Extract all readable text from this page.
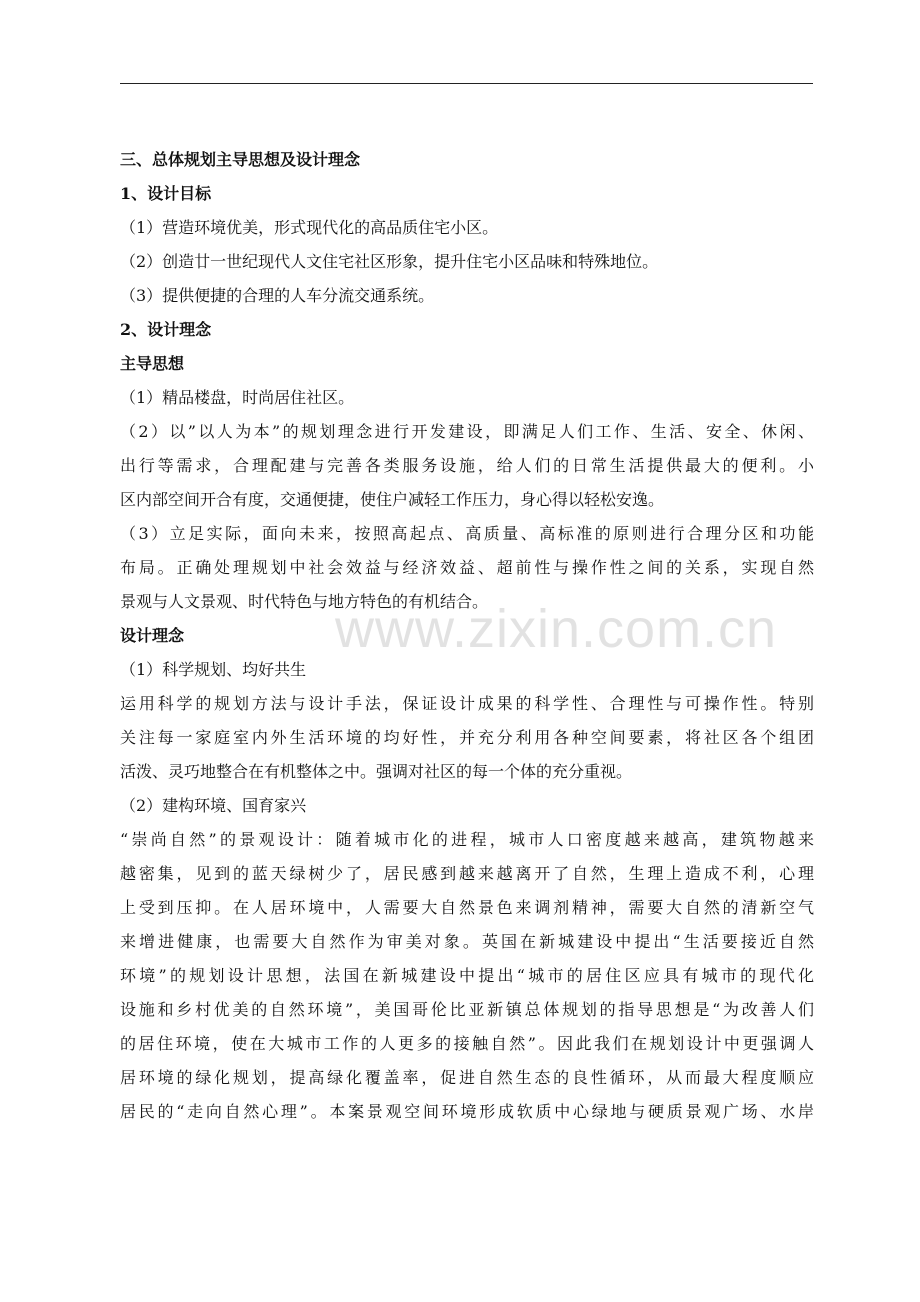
www.zixin.com.cn
三、总体规划主导思想及设计理念
1、设计目标
（1）营造环境优美，形式现代化的高品质住宅小区。
（2）创造廿一世纪现代人文住宅社区形象，提升住宅小区品味和特殊地位。
（3）提供便捷的合理的人车分流交通系统。
2、设计理念
主导思想
（1）精品楼盘，时尚居住社区。
（2）以”以人为本”的规划理念进行开发建设，即满足人们工作、生活、安全、休闲、
出行等需求，合理配建与完善各类服务设施，给人们的日常生活提供最大的便利。小
区内部空间开合有度，交通便捷，使住户减轻工作压力，身心得以轻松安逸。
（3）立足实际，面向未来，按照高起点、高质量、高标准的原则进行合理分区和功能
布局。正确处理规划中社会效益与经济效益、超前性与操作性之间的关系，实现自然
景观与人文景观、时代特色与地方特色的有机结合。
设计理念
（1）科学规划、均好共生
运用科学的规划方法与设计手法，保证设计成果的科学性、合理性与可操作性。特别
关注每一家庭室内外生活环境的均好性，并充分利用各种空间要素，将社区各个组团
活泼、灵巧地整合在有机整体之中。强调对社区的每一个体的充分重视。
（2）建构环境、国育家兴
“崇尚自然”的景观设计：随着城市化的进程，城市人口密度越来越高，建筑物越来
越密集，见到的蓝天绿树少了，居民感到越来越离开了自然，生理上造成不利，心理
上受到压抑。在人居环境中，人需要大自然景色来调剂精神，需要大自然的清新空气
来增进健康，也需要大自然作为审美对象。英国在新城建设中提出“生活要接近自然
环境”的规划设计思想，法国在新城建设中提出“城市的居住区应具有城市的现代化
设施和乡村优美的自然环境”，美国哥伦比亚新镇总体规划的指导思想是“为改善人们
的居住环境，使在大城市工作的人更多的接触自然”。因此我们在规划设计中更强调人
居环境的绿化规划，提高绿化覆盖率，促进自然生态的良性循环，从而最大程度顺应
居民的“走向自然心理”。本案景观空间环境形成软质中心绿地与硬质景观广场、水岸
